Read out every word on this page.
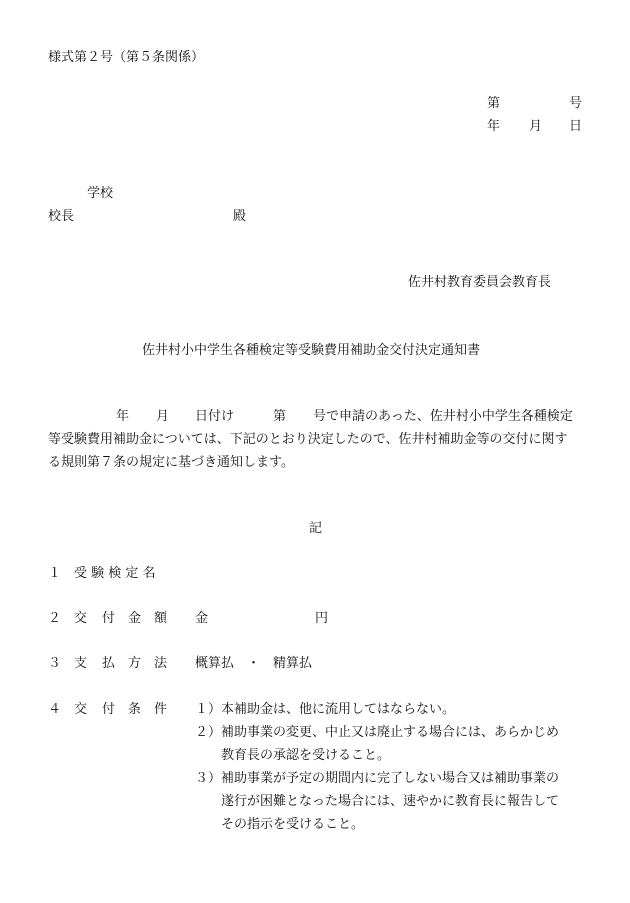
様式第２号（第５条関係）
第	号
年 月 日
学校
校長	殿
佐井村教育委員会教育長
佐井村小中学生各種検定等受験費用補助金交付決定通知書
年 月 日付け	第 号で申請のあった、佐井村小中学生各種検定
等受験費用補助金については、下記のとおり決定したので、佐井村補助金等の交付に関す
る規則第７条の規定に基づき通知します。
記
１ 受 験 検 定 名
２ 交 付 金 額 金	円
３ 支 払 方 法 概算払　・　精算払
４ 交 付 条 件 １） 本補助金は、他に流用してはならない。
２） 補助事業の変更、中止又は廃止する場合には、あらかじめ
教育長の承認を受けること。
３） 補助事業が予定の期間内に完了しない場合又は補助事業の
遂行が困難となった場合には、速やかに教育長に報告して
その指示を受けること。
